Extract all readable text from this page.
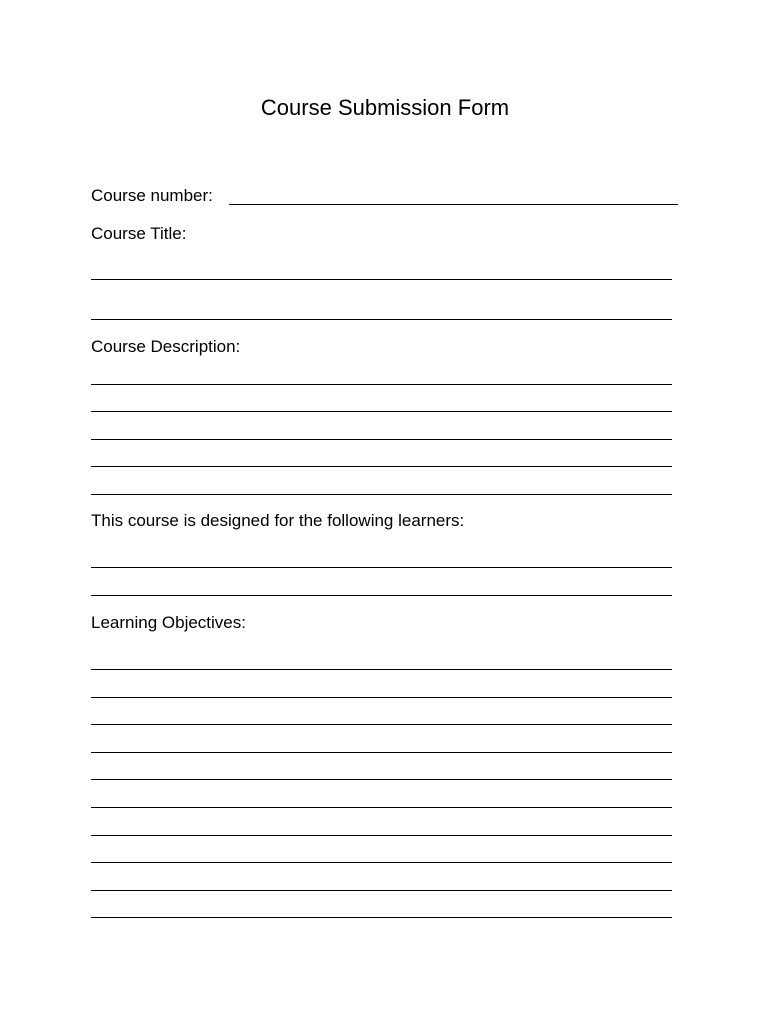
Course Submission Form
Course number:
Course Title:
Course Description:
This course is designed for the following learners:
Learning Objectives:
